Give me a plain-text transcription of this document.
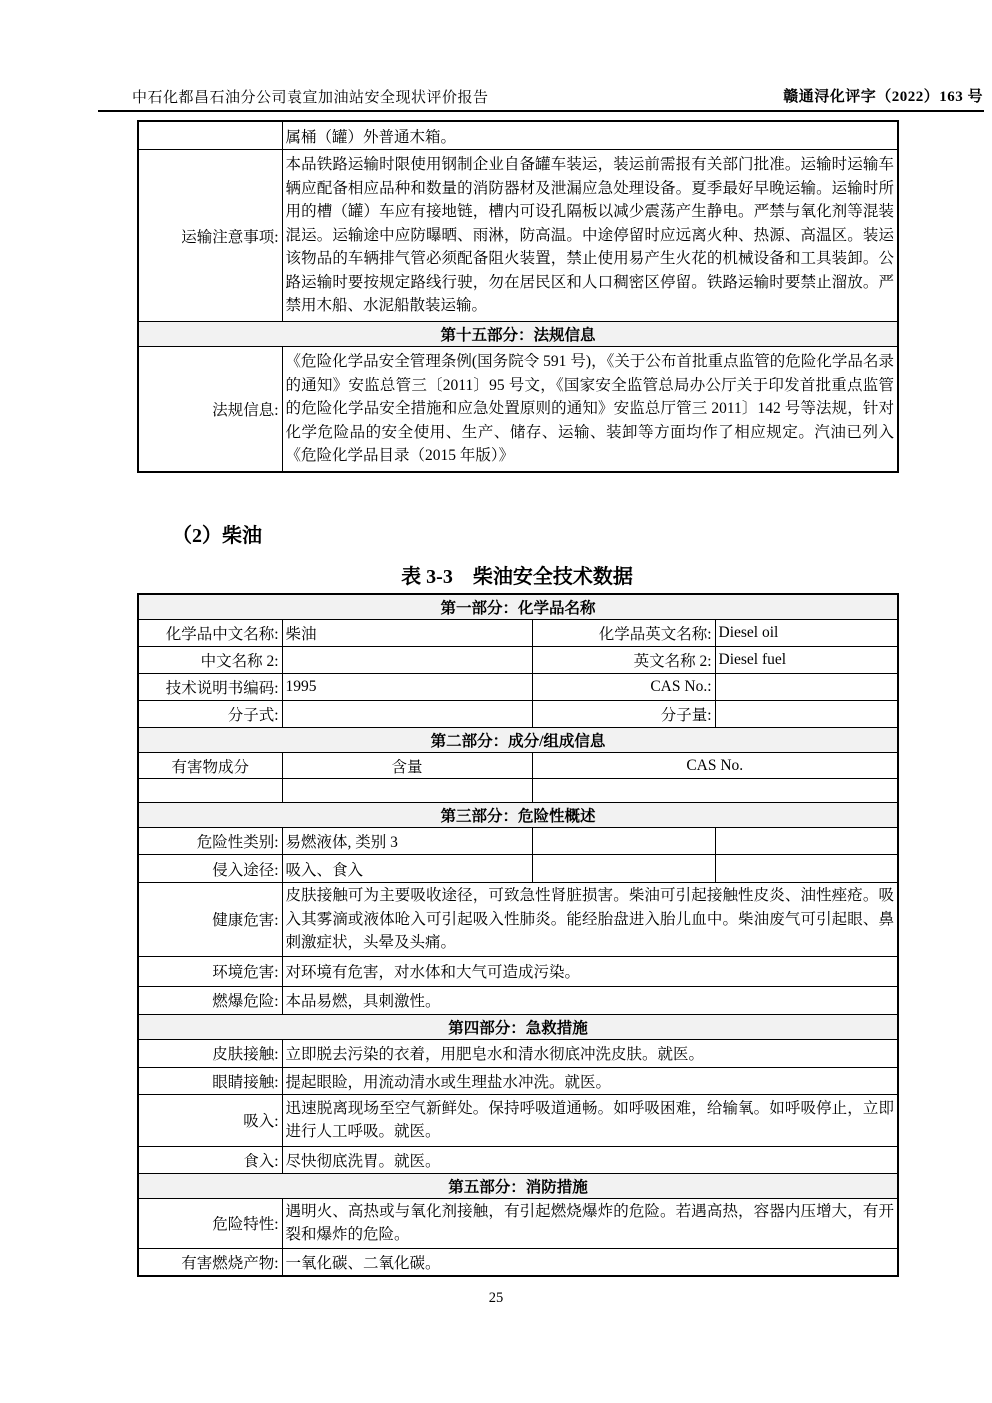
中石化都昌石油分公司袁宣加油站安全现状评价报告	赣通浔化评字（2022）163 号
	属桶（罐）外普通木箱。
运输注意事项:	本品铁路运输时限使用钢制企业自备罐车装运，装运前需报有关部门批准。运输时运输车辆应配备相应品种和数量的消防器材及泄漏应急处理设备。夏季最好早晚运输。运输时所用的槽（罐）车应有接地链，槽内可设孔隔板以减少震荡产生静电。严禁与氧化剂等混装混运。运输途中应防曝晒、雨淋，防高温。中途停留时应远离火种、热源、高温区。装运该物品的车辆排气管必须配备阻火装置，禁止使用易产生火花的机械设备和工具装卸。公路运输时要按规定路线行驶，勿在居民区和人口稠密区停留。铁路运输时要禁止溜放。严禁用木船、水泥船散装运输。
第十五部分：法规信息	
法规信息:	《危险化学品安全管理条例(国务院令 591 号)，《关于公布首批重点监管的危险化学品名录的通知》安监总管三〔2011〕95 号文，《国家安全监管总局办公厅关于印发首批重点监管的危险化学品安全措施和应急处置原则的通知》安监总厅管三 2011〕142 号等法规，针对化学危险品的安全使用、生产、储存、运输、装卸等方面均作了相应规定。汽油已列入《危险化学品目录（2015 年版）》
（2）柴油
表 3-3　柴油安全技术数据
第一部分：化学品名称			
化学品中文名称:	柴油	化学品英文名称:	Diesel oil
中文名称 2:		英文名称 2:	Diesel fuel
技术说明书编码:	1995	CAS No.:	
分子式:		分子量:	
第二部分：成分/组成信息			
有害物成分	含量	CAS No.	

第三部分：危险性概述			
危险性类别:	易燃液体, 类别 3		
侵入途径:	吸入、食入		
健康危害:	皮肤接触可为主要吸收途径，可致急性肾脏损害。柴油可引起接触性皮炎、油性痤疮。吸入其雾滴或液体呛入可引起吸入性肺炎。能经胎盘进入胎儿血中。柴油废气可引起眼、鼻刺激症状，头晕及头痛。		
环境危害:	对环境有危害，对水体和大气可造成污染。		
燃爆危险:	本品易燃，具刺激性。		
第四部分：急救措施			
皮肤接触:	立即脱去污染的衣着，用肥皂水和清水彻底冲洗皮肤。就医。		
眼睛接触:	提起眼睑，用流动清水或生理盐水冲洗。就医。		
吸入:	迅速脱离现场至空气新鲜处。保持呼吸道通畅。如呼吸困难，给输氧。如呼吸停止，立即进行人工呼吸。就医。		
食入:	尽快彻底洗胃。就医。		
第五部分：消防措施			
危险特性:	遇明火、高热或与氧化剂接触，有引起燃烧爆炸的危险。若遇高热，容器内压增大，有开裂和爆炸的危险。		
有害燃烧产物:	一氧化碳、二氧化碳。		
25
